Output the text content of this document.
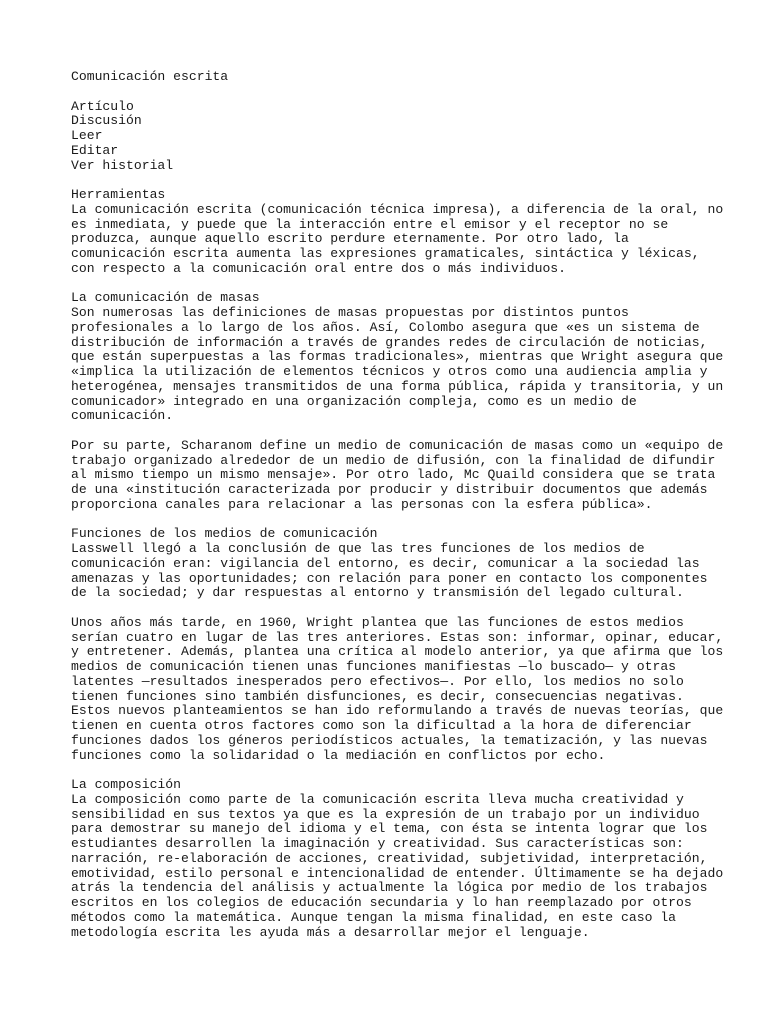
Comunicación escrita
Artículo
Discusión
Leer
Editar
Ver historial
Herramientas
La comunicación escrita (comunicación técnica impresa), a diferencia de la oral, no
es inmediata, y puede que la interacción entre el emisor y el receptor no se
produzca, aunque aquello escrito perdure eternamente. Por otro lado, la
comunicación escrita aumenta las expresiones gramaticales, sintáctica y léxicas,
con respecto a la comunicación oral entre dos o más individuos.
La comunicación de masas
Son numerosas las definiciones de masas propuestas por distintos puntos
profesionales a lo largo de los años. Así, Colombo asegura que «es un sistema de
distribución de información a través de grandes redes de circulación de noticias,
que están superpuestas a las formas tradicionales», mientras que Wright asegura que
«implica la utilización de elementos técnicos y otros como una audiencia amplia y
heterogénea, mensajes transmitidos de una forma pública, rápida y transitoria, y un
comunicador» integrado en una organización compleja, como es un medio de
comunicación.
Por su parte, Scharanom define un medio de comunicación de masas como un «equipo de
trabajo organizado alrededor de un medio de difusión, con la finalidad de difundir
al mismo tiempo un mismo mensaje». Por otro lado, Mc Quaild considera que se trata
de una «institución caracterizada por producir y distribuir documentos que además
proporciona canales para relacionar a las personas con la esfera pública».
Funciones de los medios de comunicación
Lasswell llegó a la conclusión de que las tres funciones de los medios de
comunicación eran: vigilancia del entorno, es decir, comunicar a la sociedad las
amenazas y las oportunidades; con relación para poner en contacto los componentes
de la sociedad; y dar respuestas al entorno y transmisión del legado cultural.
Unos años más tarde, en 1960, Wright plantea que las funciones de estos medios
serían cuatro en lugar de las tres anteriores. Estas son: informar, opinar, educar,
y entretener. Además, plantea una crítica al modelo anterior, ya que afirma que los
medios de comunicación tienen unas funciones manifiestas —lo buscado— y otras
latentes —resultados inesperados pero efectivos—. Por ello, los medios no solo
tienen funciones sino también disfunciones, es decir, consecuencias negativas.
Estos nuevos planteamientos se han ido reformulando a través de nuevas teorías, que
tienen en cuenta otros factores como son la dificultad a la hora de diferenciar
funciones dados los géneros periodísticos actuales, la tematización, y las nuevas
funciones como la solidaridad o la mediación en conflictos por echo.
La composición
La composición como parte de la comunicación escrita lleva mucha creatividad y
sensibilidad en sus textos ya que es la expresión de un trabajo por un individuo
para demostrar su manejo del idioma y el tema, con ésta se intenta lograr que los
estudiantes desarrollen la imaginación y creatividad. Sus características son:
narración, re-elaboración de acciones, creatividad, subjetividad, interpretación,
emotividad, estilo personal e intencionalidad de entender. Últimamente se ha dejado
atrás la tendencia del análisis y actualmente la lógica por medio de los trabajos
escritos en los colegios de educación secundaria y lo han reemplazado por otros
métodos como la matemática. Aunque tengan la misma finalidad, en este caso la
metodología escrita les ayuda más a desarrollar mejor el lenguaje.
